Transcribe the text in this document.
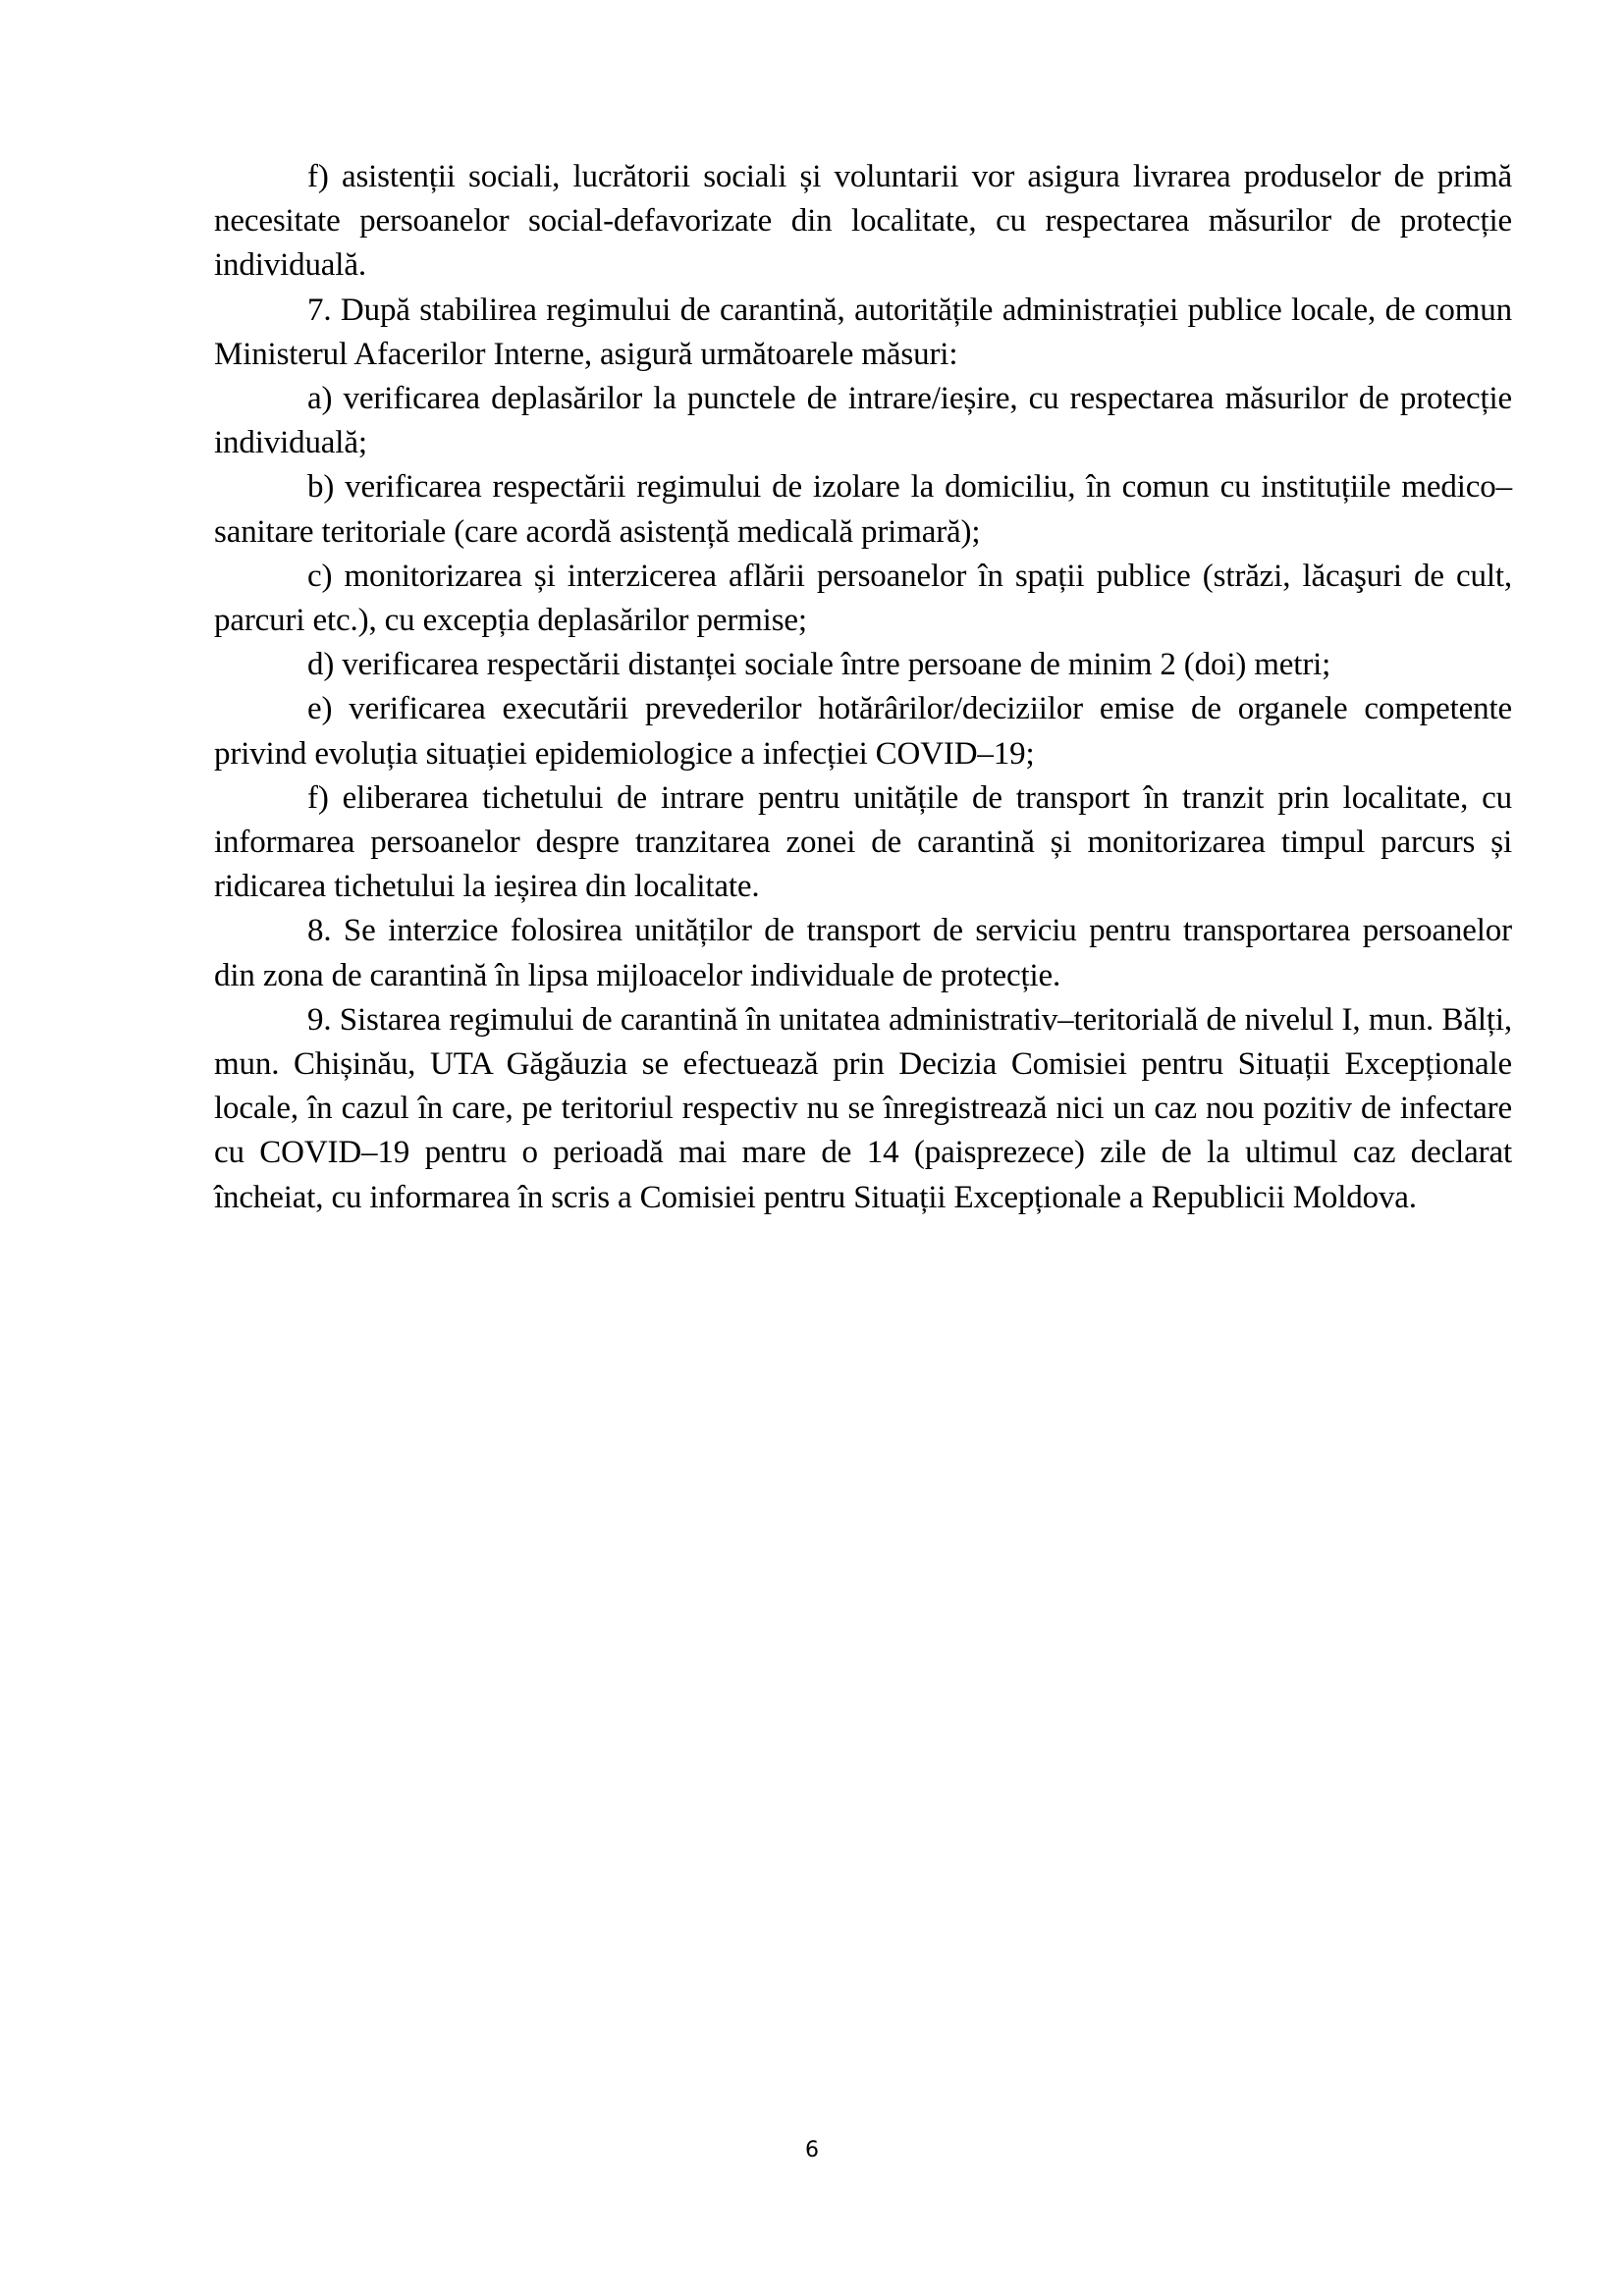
f) asistenții sociali, lucrătorii sociali și voluntarii vor asigura livrarea produselor de primă necesitate persoanelor social-defavorizate din localitate, cu respectarea măsurilor de protecție individuală.

7. După stabilirea regimului de carantină, autoritățile administrației publice locale, de comun Ministerul Afacerilor Interne, asigură următoarele măsuri:

a) verificarea deplasărilor la punctele de intrare/ieșire, cu respectarea măsurilor de protecție individuală;

b) verificarea respectării regimului de izolare la domiciliu, în comun cu instituțiile medico–sanitare teritoriale (care acordă asistență medicală primară);

c) monitorizarea și interzicerea aflării persoanelor în spații publice (străzi, lăcaşuri de cult, parcuri etc.), cu excepția deplasărilor permise;

d) verificarea respectării distanței sociale între persoane de minim 2 (doi) metri;

e) verificarea executării prevederilor hotărârilor/deciziilor emise de organele competente privind evoluția situației epidemiologice a infecției COVID–19;

f) eliberarea tichetului de intrare pentru unitățile de transport în tranzit prin localitate, cu informarea persoanelor despre tranzitarea zonei de carantină și monitorizarea timpul parcurs și ridicarea tichetului la ieșirea din localitate.

8. Se interzice folosirea unităților de transport de serviciu pentru transportarea persoanelor din zona de carantină în lipsa mijloacelor individuale de protecție.

9. Sistarea regimului de carantină în unitatea administrativ–teritorială de nivelul I, mun. Bălți, mun. Chișinău, UTA Găgăuzia se efectuează prin Decizia Comisiei pentru Situații Excepționale locale, în cazul în care, pe teritoriul respectiv nu se înregistrează nici un caz nou pozitiv de infectare cu COVID–19 pentru o perioadă mai mare de 14 (paisprezece) zile de la ultimul caz declarat încheiat, cu informarea în scris a Comisiei pentru Situații Excepționale a Republicii Moldova.

6
